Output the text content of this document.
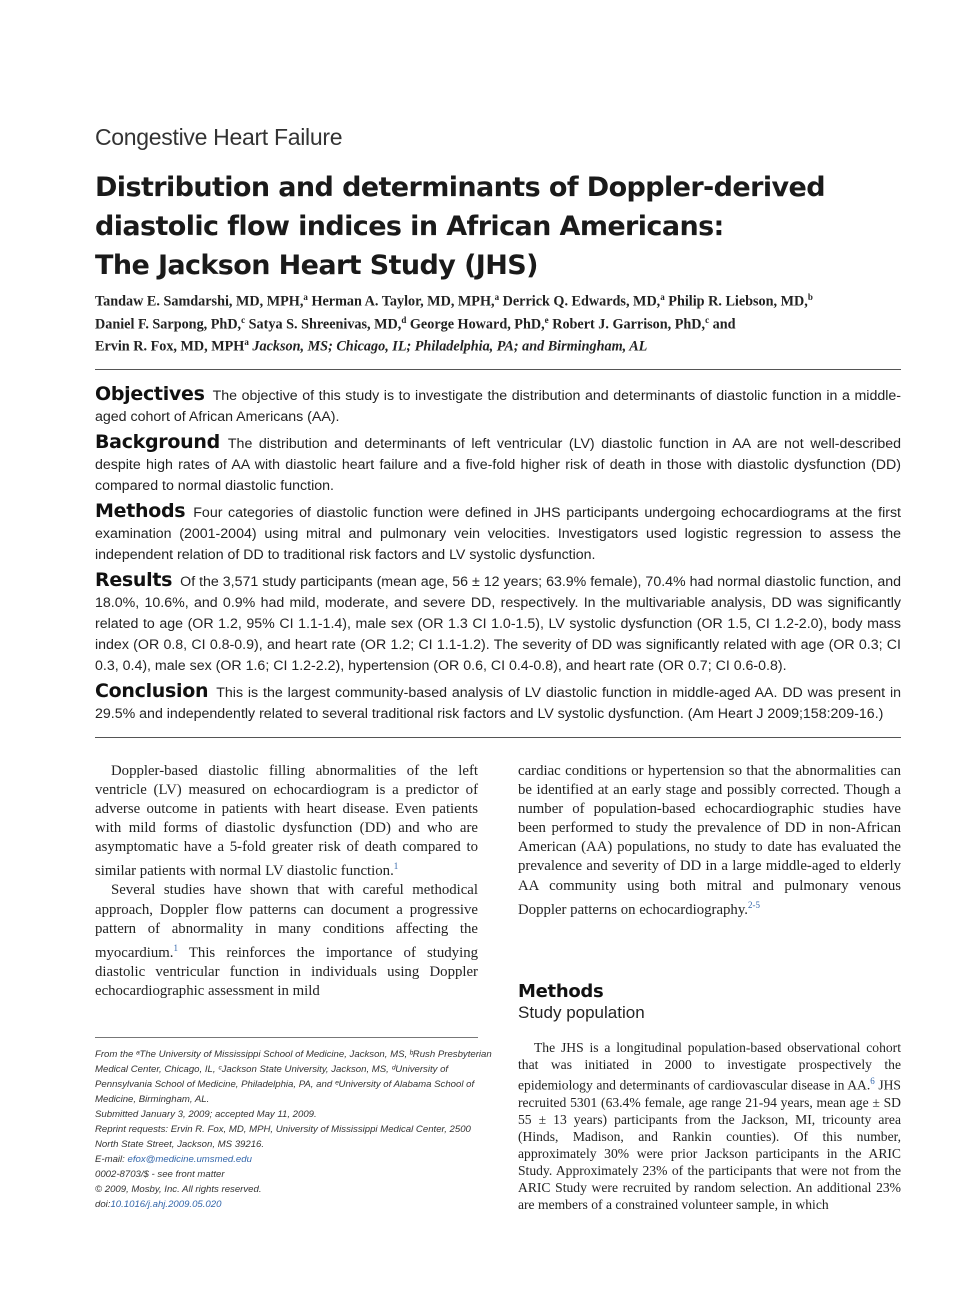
Congestive Heart Failure
Distribution and determinants of Doppler-derived
diastolic flow indices in African Americans:
The Jackson Heart Study (JHS)
Tandaw E. Samdarshi, MD, MPH,$^a$ Herman A. Taylor, MD, MPH,$^a$ Derrick Q. Edwards, MD,$^a$ Philip R. Liebson, MD,$^b$
Daniel F. Sarpong, PhD,$^c$ Satya S. Shreenivas, MD,$^d$ George Howard, PhD,$^e$ Robert J. Garrison, PhD,$^c$ and
Ervin R. Fox, MD, MPH$^a$ Jackson, MS; Chicago, IL; Philadelphia, PA; and Birmingham, AL

Objectives The objective of this study is to investigate the distribution and determinants of diastolic function in a middle-aged cohort of African Americans (AA).

Background The distribution and determinants of left ventricular (LV) diastolic function in AA are not well-described despite high rates of AA with diastolic heart failure and a five-fold higher risk of death in those with diastolic dysfunction (DD) compared to normal diastolic function.

Methods Four categories of diastolic function were defined in JHS participants undergoing echocardiograms at the first examination (2001-2004) using mitral and pulmonary vein velocities. Investigators used logistic regression to assess the independent relation of DD to traditional risk factors and LV systolic dysfunction.

Results Of the 3,571 study participants (mean age, 56 ± 12 years; 63.9% female), 70.4% had normal diastolic function, and 18.0%, 10.6%, and 0.9% had mild, moderate, and severe DD, respectively. In the multivariable analysis, DD was significantly related to age (OR 1.2, 95% CI 1.1-1.4), male sex (OR 1.3 CI 1.0-1.5), LV systolic dysfunction (OR 1.5, CI 1.2-2.0), body mass index (OR 0.8, CI 0.8-0.9), and heart rate (OR 1.2; CI 1.1-1.2). The severity of DD was significantly related with age (OR 0.3; CI 0.3, 0.4), male sex (OR 1.6; CI 1.2-2.2), hypertension (OR 0.6, CI 0.4-0.8), and heart rate (OR 0.7; CI 0.6-0.8).

Conclusion This is the largest community-based analysis of LV diastolic function in middle-aged AA. DD was present in 29.5% and independently related to several traditional risk factors and LV systolic dysfunction. (Am Heart J 2009;158:209-16.)

Doppler-based diastolic filling abnormalities of the left ventricle (LV) measured on echocardiogram is a predictor of adverse outcome in patients with heart disease. Even patients with mild forms of diastolic dysfunction (DD) and who are asymptomatic have a 5-fold greater risk of death compared to similar patients with normal LV diastolic function.$^1$

Several studies have shown that with careful methodical approach, Doppler flow patterns can document a progressive pattern of abnormality in many conditions affecting the myocardium.$^1$ This reinforces the importance of studying diastolic ventricular function in individuals using Doppler echocardiographic assessment in mild

cardiac conditions or hypertension so that the abnormalities can be identified at an early stage and possibly corrected. Though a number of population-based echocardiographic studies have been performed to study the prevalence of DD in non-African American (AA) populations, no study to date has evaluated the prevalence and severity of DD in a large middle-aged to elderly AA community using both mitral and pulmonary venous Doppler patterns on echocardiography.$^{2-5}$

Methods
Study population

The JHS is a longitudinal population-based observational cohort that was initiated in 2000 to investigate prospectively the epidemiology and determinants of cardiovascular disease in AA.$^6$ JHS recruited 5301 (63.4% female, age range 21-94 years, mean age ± SD 55 ± 13 years) participants from the Jackson, MI, tricounty area (Hinds, Madison, and Rankin counties). Of this number, approximately 30% were prior Jackson participants in the ARIC Study. Approximately 23% of the participants that were not from the ARIC Study were recruited by random selection. An additional 23% are members of a constrained volunteer sample, in which

From the ᵃThe University of Mississippi School of Medicine, Jackson, MS, ᵇRush Presbyterian
Medical Center, Chicago, IL, ᶜJackson State University, Jackson, MS, ᵈUniversity of
Pennsylvania School of Medicine, Philadelphia, PA, and ᵉUniversity of Alabama School of
Medicine, Birmingham, AL.
Submitted January 3, 2009; accepted May 11, 2009.
Reprint requests: Ervin R. Fox, MD, MPH, University of Mississippi Medical Center, 2500
North State Street, Jackson, MS 39216.
E-mail: efox@medicine.umsmed.edu
0002-8703/$ - see front matter
© 2009, Mosby, Inc. All rights reserved.
doi:10.1016/j.ahj.2009.05.020
